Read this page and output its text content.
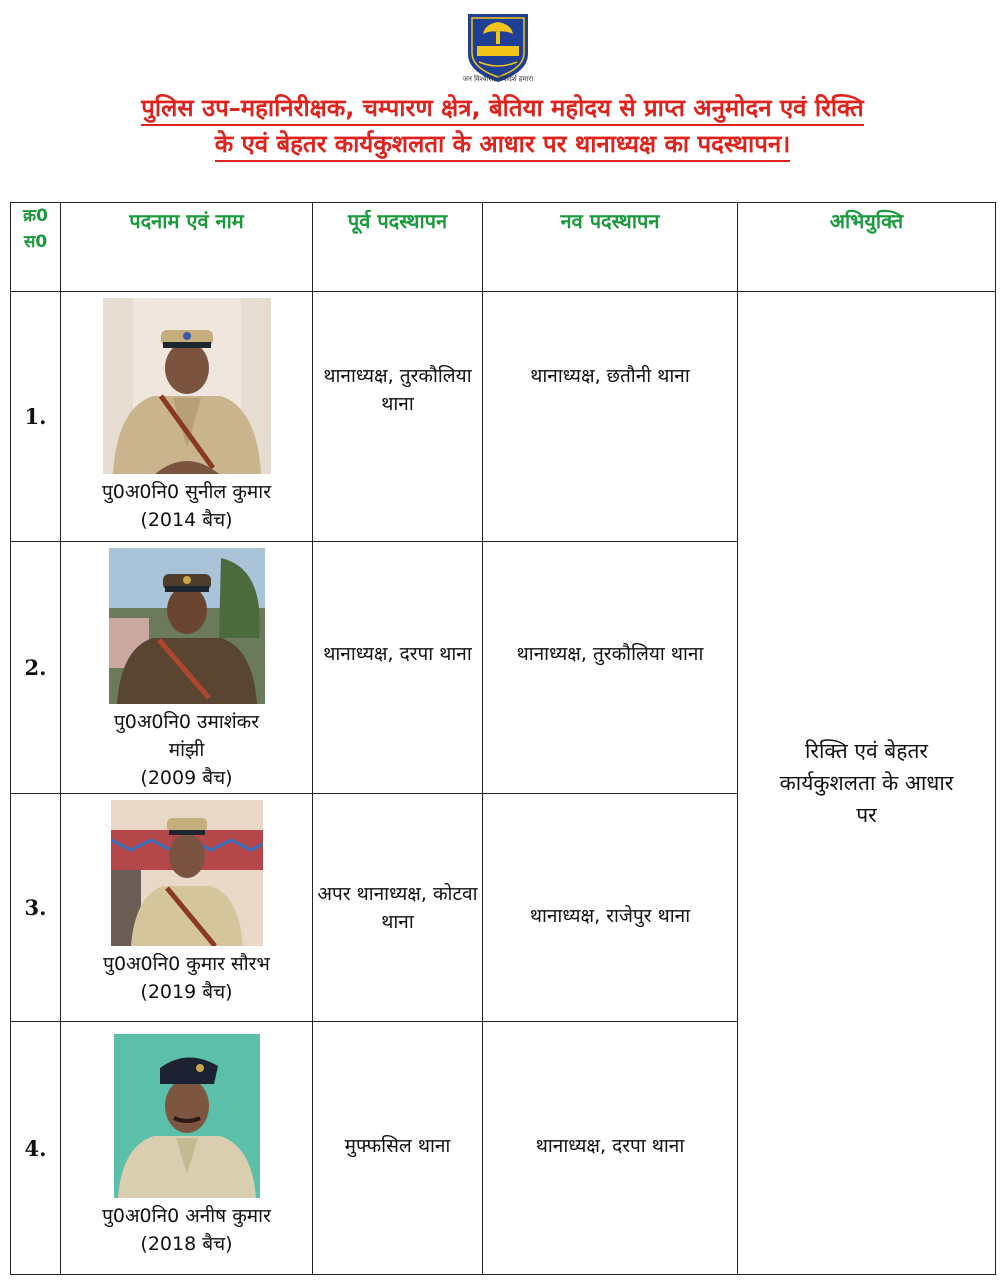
जन विश्वास, सेवादर्श हमारा
पुलिस उप–महानिरीक्षक, चम्पारण क्षेत्र, बेतिया महोदय से प्राप्त अनुमोदन एवं रिक्ति
के एवं बेहतर कार्यकुशलता के आधार पर थानाध्यक्ष का पदस्थापन।
क्र0
स0	पदनाम एवं नाम	पूर्व पदस्थापन	नव पदस्थापन	अभियुक्ति
1.	पु0अ0नि0 सुनील कुमार
(2014 बैच)	थानाध्यक्ष, तुरकौलिया थाना	थानाध्यक्ष, छतौनी थाना	रिक्ति एवं बेहतर कार्यकुशलता के आधार पर

2.	पु0अ0नि0 उमाशंकर
मांझी
(2009 बैच)	थानाध्यक्ष, दरपा थाना	थानाध्यक्ष, तुरकौलिया थाना	
3.	पु0अ0नि0 कुमार सौरभ
(2019 बैच)	अपर थानाध्यक्ष, कोटवा थाना	थानाध्यक्ष, राजेपुर थाना	
4.	पु0अ0नि0 अनीष कुमार
(2018 बैच)	मुफ्फसिल थाना	थानाध्यक्ष, दरपा थाना	
